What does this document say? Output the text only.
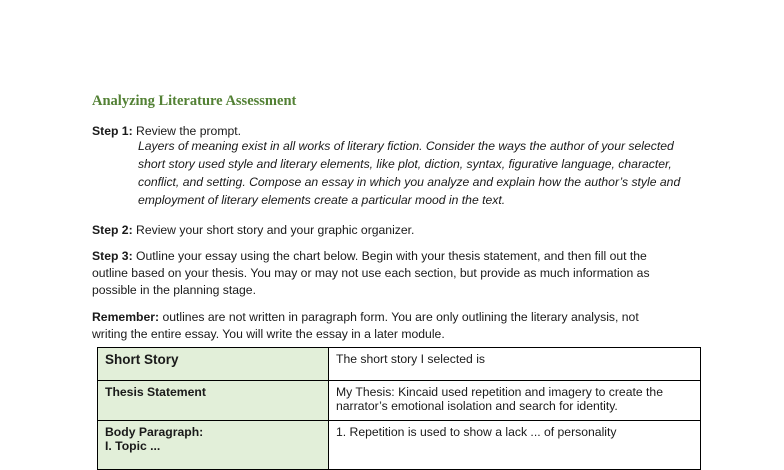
Analyzing Literature Assessment
Step 1: Review the prompt.
Layers of meaning exist in all works of literary fiction. Consider the ways the author of your selected
short story used style and literary elements, like plot, diction, syntax, figurative language, character,
conflict, and setting. Compose an essay in which you analyze and explain how the author’s style and
employment of literary elements create a particular mood in the text.
Step 2: Review your short story and your graphic organizer.
Step 3: Outline your essay using the chart below. Begin with your thesis statement, and then fill out the
outline based on your thesis. You may or may not use each section, but provide as much information as
possible in the planning stage.
Remember: outlines are not written in paragraph form. You are only outlining the literary analysis, not
writing the entire essay. You will write the essay in a later module.
Short Story	The short story I selected is

Thesis Statement	My Thesis: Kincaid used repetition and imagery to create the
narrator’s emotional isolation and search for identity.

Body Paragraph:
I. Topic ...	1. Repetition is used to show a lack ... of personality
